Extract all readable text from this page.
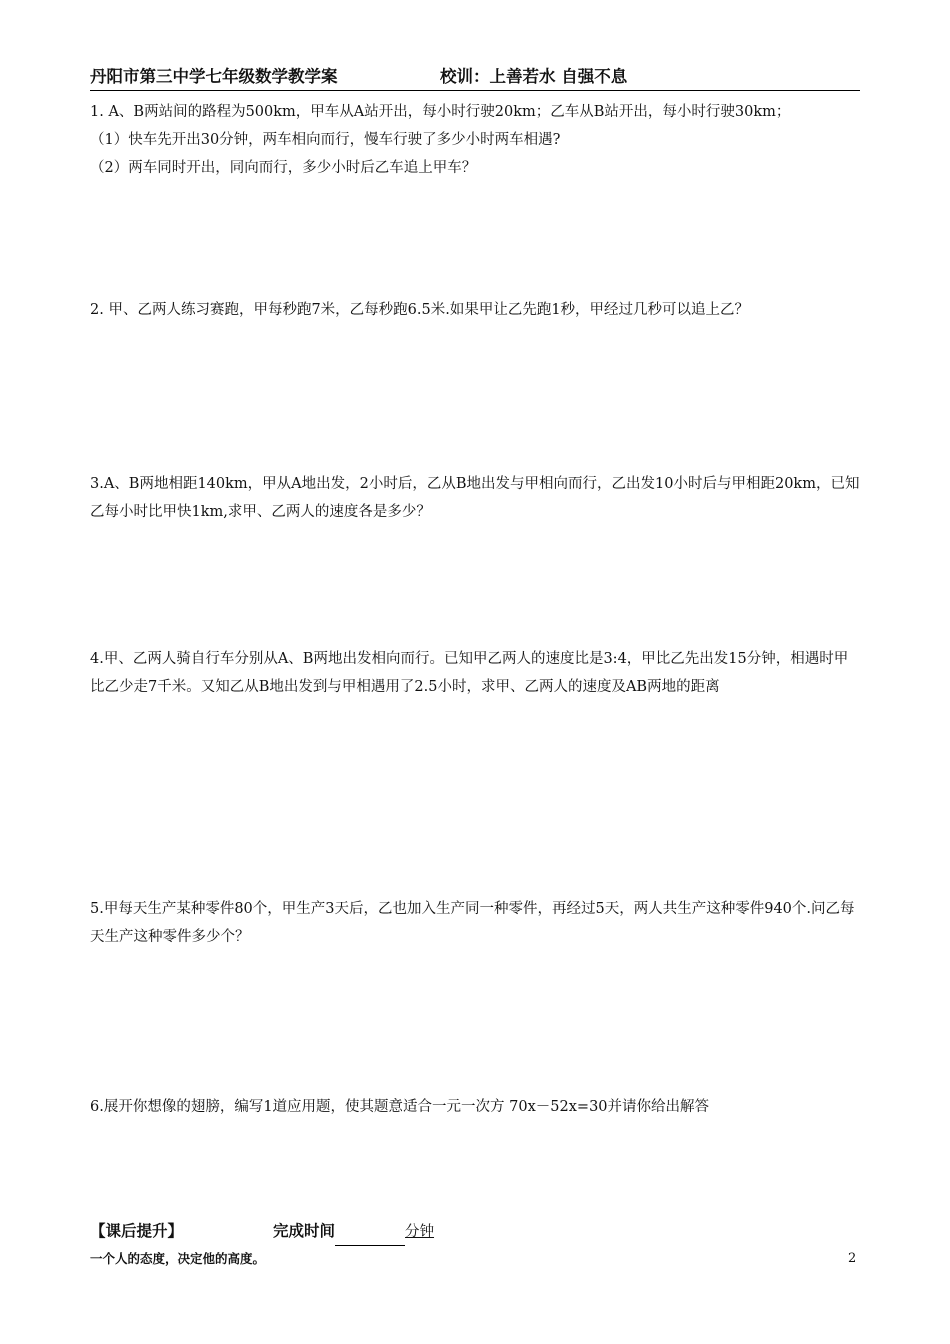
丹阳市第三中学七年级数学教学案	校训：上善若水 自强不息

1. A、B两站间的路程为500km，甲车从A站开出，每小时行驶20km；乙车从B站开出，每小时行驶30km；

（1）快车先开出30分钟，两车相向而行，慢车行驶了多少小时两车相遇?

（2）两车同时开出，同向而行，多少小时后乙车追上甲车？

2. 甲、乙两人练习赛跑，甲每秒跑7米，乙每秒跑6.5米.如果甲让乙先跑1秒，甲经过几秒可以追上乙？

3.A、B两地相距140km，甲从A地出发，2小时后，乙从B地出发与甲相向而行，乙出发10小时后与甲相距20km，已知乙每小时比甲快1km,求甲、乙两人的速度各是多少？

4.甲、乙两人骑自行车分别从A、B两地出发相向而行。已知甲乙两人的速度比是3:4，甲比乙先出发15分钟，相遇时甲比乙少走7千米。又知乙从B地出发到与甲相遇用了2.5小时，求甲、乙两人的速度及AB两地的距离

5.甲每天生产某种零件80个，甲生产3天后，乙也加入生产同一种零件，再经过5天，两人共生产这种零件940个.问乙每天生产这种零件多少个？

6.展开你想像的翅膀，编写1道应用题，使其题意适合一元一次方 70x－52x=30并请你给出解答

【课后提升】	完成时间	分钟
一个人的态度，决定他的高度。	2
